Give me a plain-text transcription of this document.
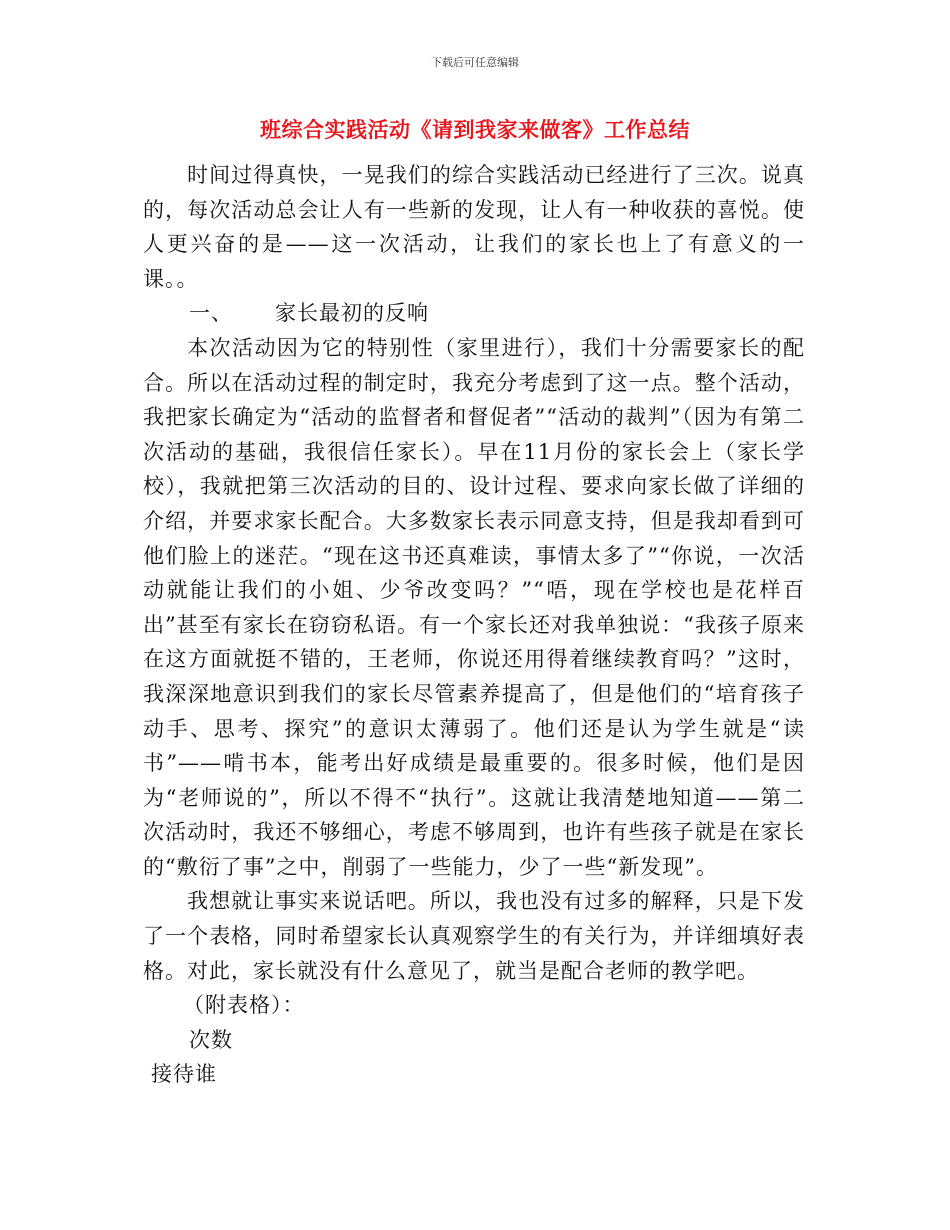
下载后可任意编辑
班综合实践活动《请到我家来做客》工作总结

时间过得真快，一晃我们的综合实践活动已经进行了三次。说真的，每次活动总会让人有一些新的发现，让人有一种收获的喜悦。使人更兴奋的是——这一次活动，让我们的家长也上了有意义的一课。。

一、 家长最初的反响

本次活动因为它的特别性（家里进行），我们十分需要家长的配合。所以在活动过程的制定时，我充分考虑到了这一点。整个活动，我把家长确定为“活动的监督者和督促者”“活动的裁判”（因为有第二次活动的基础，我很信任家长）。早在11月份的家长会上（家长学校），我就把第三次活动的目的、设计过程、要求向家长做了详细的介绍，并要求家长配合。大多数家长表示同意支持，但是我却看到可他们脸上的迷茫。“现在这书还真难读，事情太多了”“你说，一次活动就能让我们的小姐、少爷改变吗？”“唔，现在学校也是花样百出”甚至有家长在窃窃私语。有一个家长还对我单独说：“我孩子原来在这方面就挺不错的，王老师，你说还用得着继续教育吗？”这时，我深深地意识到我们的家长尽管素养提高了，但是他们的“培育孩子动手、思考、探究”的意识太薄弱了。他们还是认为学生就是“读书”——啃书本，能考出好成绩是最重要的。很多时候，他们是因为“老师说的”，所以不得不“执行”。这就让我清楚地知道——第二次活动时，我还不够细心，考虑不够周到，也许有些孩子就是在家长的“敷衍了事”之中，削弱了一些能力，少了一些“新发现”。

我想就让事实来说话吧。所以，我也没有过多的解释，只是下发了一个表格，同时希望家长认真观察学生的有关行为，并详细填好表格。对此，家长就没有什么意见了，就当是配合老师的教学吧。

（附表格）：

次数

接待谁
